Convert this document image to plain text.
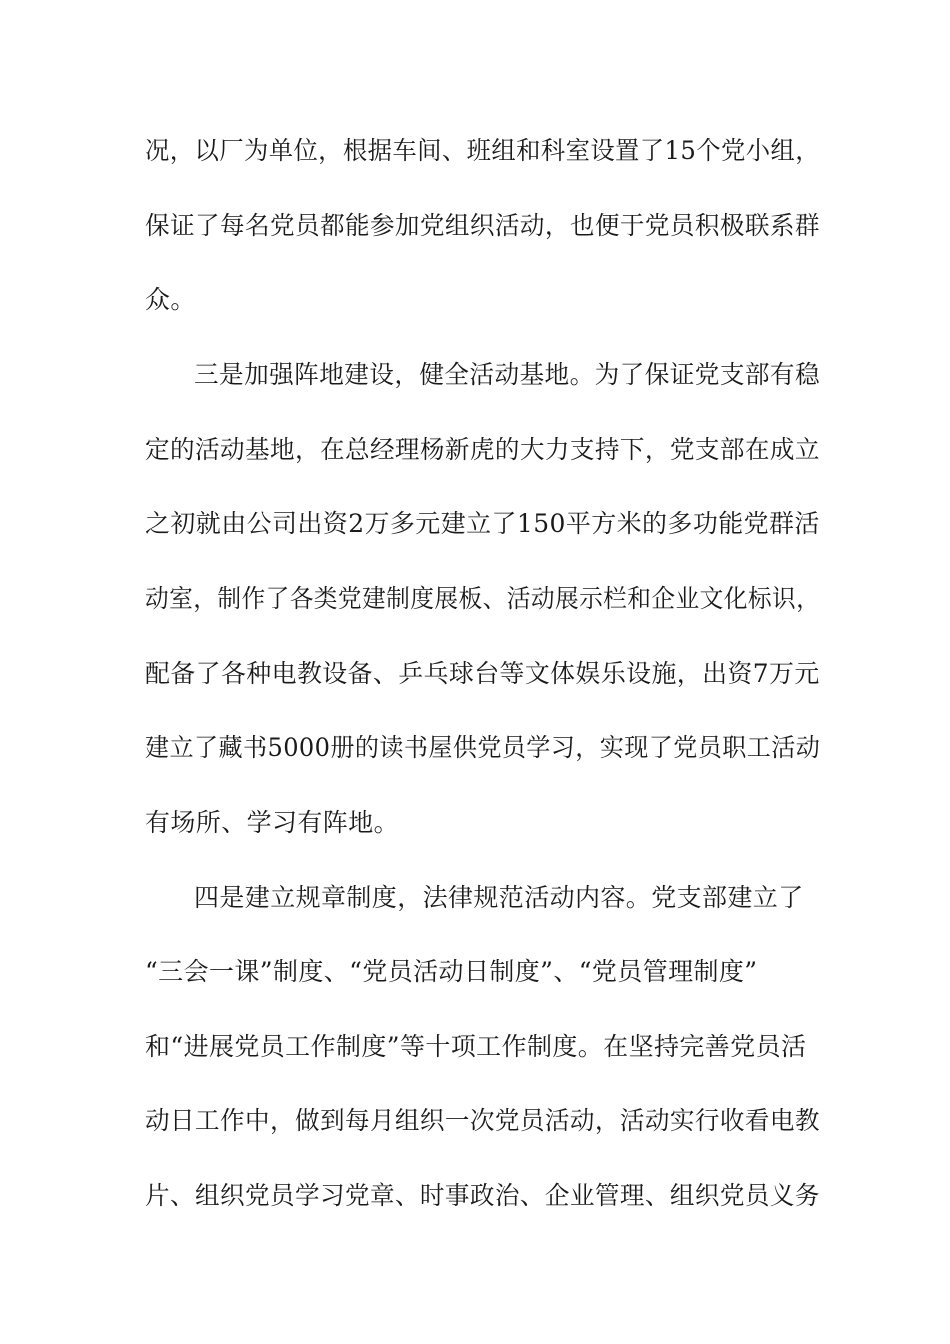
况，以厂为单位，根据车间、班组和科室设置了15个党小组，
保证了每名党员都能参加党组织活动，也便于党员积极联系群
众。
三是加强阵地建设，健全活动基地。为了保证党支部有稳
定的活动基地，在总经理杨新虎的大力支持下，党支部在成立
之初就由公司出资2万多元建立了150平方米的多功能党群活
动室，制作了各类党建制度展板、活动展示栏和企业文化标识，
配备了各种电教设备、乒乓球台等文体娱乐设施，出资7万元
建立了藏书5000册的读书屋供党员学习，实现了党员职工活动
有场所、学习有阵地。
四是建立规章制度，法律规范活动内容。党支部建立了
“三会一课”制度、“党员活动日制度”、“党员管理制度”
和“进展党员工作制度”等十项工作制度。在坚持完善党员活
动日工作中，做到每月组织一次党员活动，活动实行收看电教
片、组织党员学习党章、时事政治、企业管理、组织党员义务
